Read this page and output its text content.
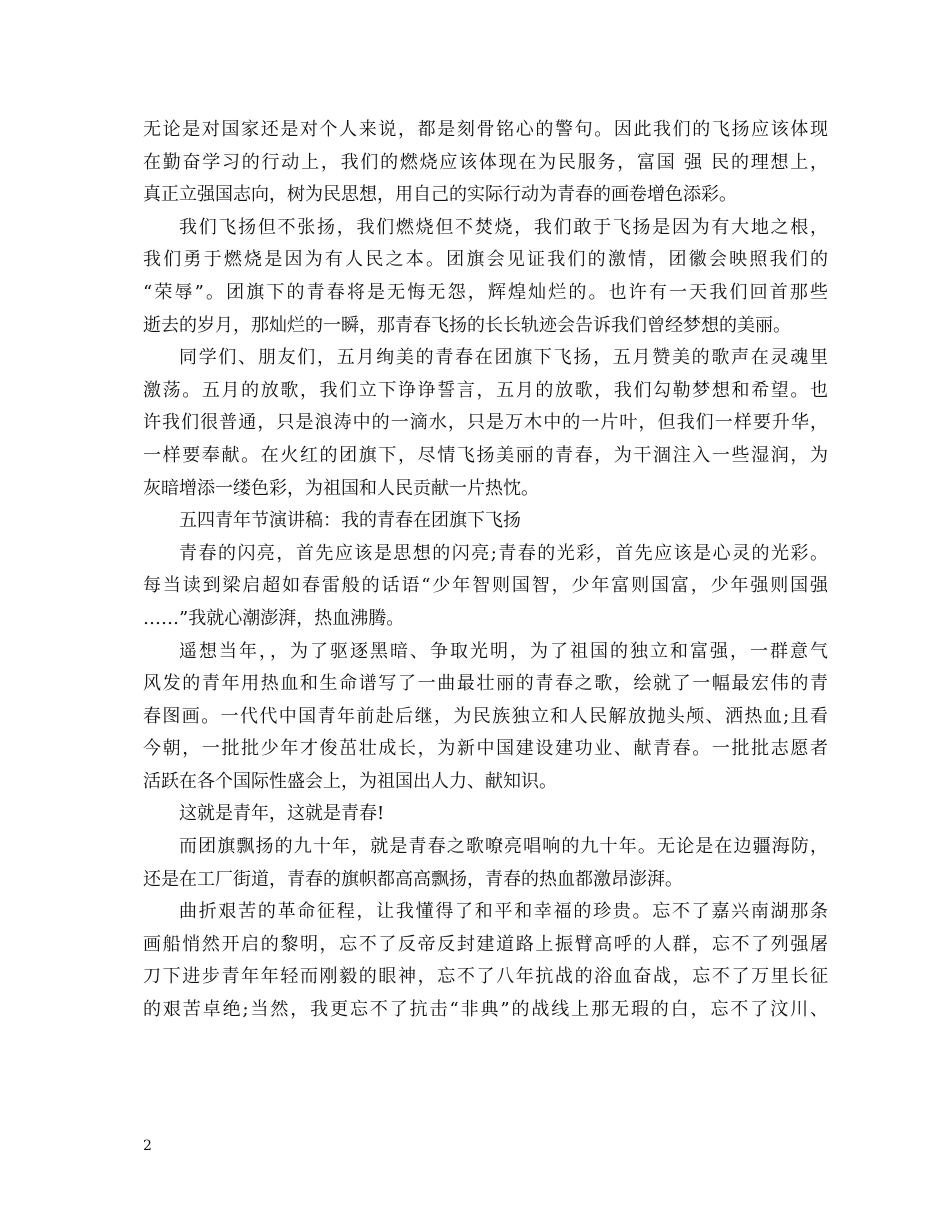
无论是对国家还是对个人来说，都是刻骨铭心的警句。因此我们的飞扬应该体现
在勤奋学习的行动上，我们的燃烧应该体现在为民服务，富国 强 民的理想上，
真正立强国志向，树为民思想，用自己的实际行动为青春的画卷增色添彩。
我们飞扬但不张扬，我们燃烧但不焚烧，我们敢于飞扬是因为有大地之根，
我们勇于燃烧是因为有人民之本。团旗会见证我们的激情，团徽会映照我们的
“荣辱”。团旗下的青春将是无悔无怨，辉煌灿烂的。也许有一天我们回首那些
逝去的岁月，那灿烂的一瞬，那青春飞扬的长长轨迹会告诉我们曾经梦想的美丽。
同学们、朋友们，五月绚美的青春在团旗下飞扬，五月赞美的歌声在灵魂里
激荡。五月的放歌，我们立下诤诤誓言，五月的放歌，我们勾勒梦想和希望。也
许我们很普通，只是浪涛中的一滴水，只是万木中的一片叶，但我们一样要升华，
一样要奉献。在火红的团旗下，尽情飞扬美丽的青春，为干涸注入一些湿润，为
灰暗增添一缕色彩，为祖国和人民贡献一片热忱。
五四青年节演讲稿：我的青春在团旗下飞扬
青春的闪亮，首先应该是思想的闪亮;青春的光彩，首先应该是心灵的光彩。
每当读到梁启超如春雷般的话语“少年智则国智，少年富则国富，少年强则国强
……”我就心潮澎湃，热血沸腾。
遥想当年，，为了驱逐黑暗、争取光明，为了祖国的独立和富强，一群意气
风发的青年用热血和生命谱写了一曲最壮丽的青春之歌，绘就了一幅最宏伟的青
春图画。一代代中国青年前赴后继，为民族独立和人民解放抛头颅、洒热血;且看
今朝，一批批少年才俊茁壮成长，为新中国建设建功业、献青春。一批批志愿者
活跃在各个国际性盛会上，为祖国出人力、献知识。
这就是青年，这就是青春!
而团旗飘扬的九十年，就是青春之歌嘹亮唱响的九十年。无论是在边疆海防，
还是在工厂街道，青春的旗帜都高高飘扬，青春的热血都激昂澎湃。
曲折艰苦的革命征程，让我懂得了和平和幸福的珍贵。忘不了嘉兴南湖那条
画船悄然开启的黎明，忘不了反帝反封建道路上振臂高呼的人群，忘不了列强屠
刀下进步青年年轻而刚毅的眼神，忘不了八年抗战的浴血奋战，忘不了万里长征
的艰苦卓绝;当然，我更忘不了抗击“非典”的战线上那无瑕的白，忘不了汶川、
2
